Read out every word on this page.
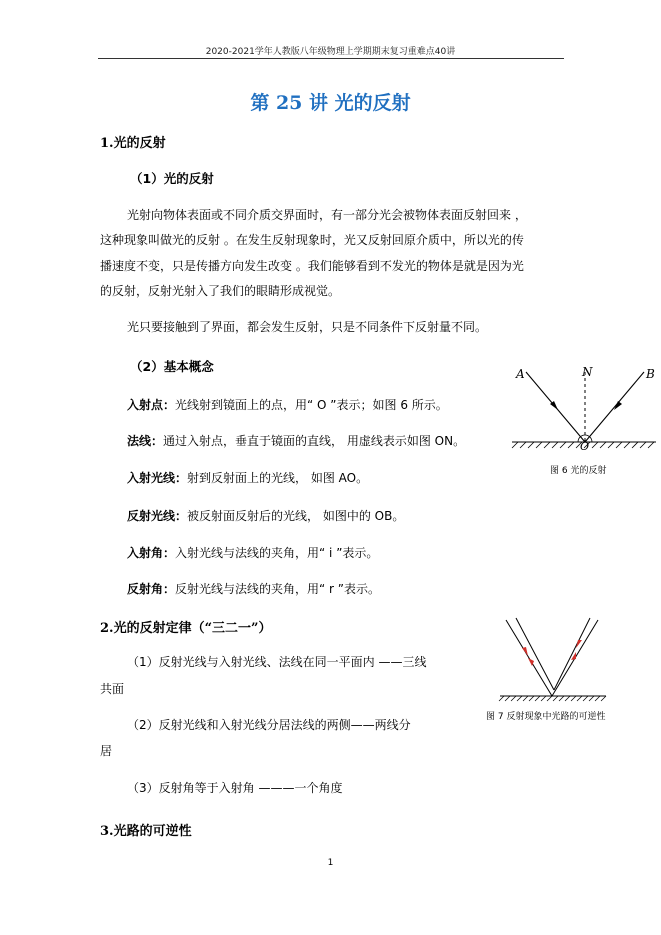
2020-2021学年人教版八年级物理上学期期末复习重难点40讲
第 25 讲 光的反射
1.光的反射
（1）光的反射
光射向物体表面或不同介质交界面时，有一部分光会被物体表面反射回来 ，
这种现象叫做光的反射 。在发生反射现象时，光又反射回原介质中，所以光的传
播速度不变，只是传播方向发生改变 。我们能够看到不发光的物体是就是因为光
的反射，反射光射入了我们的眼睛形成视觉。
光只要接触到了界面，都会发生反射，只是不同条件下反射量不同。
（2）基本概念
入射点：光线射到镜面上的点，用“ O ”表示；如图 6 所示。
法线：通过入射点，垂直于镜面的直线， 用虚线表示如图 ON。
入射光线：射到反射面上的光线， 如图 AO。
反射光线：被反射面反射后的光线， 如图中的 OB。
入射角：入射光线与法线的夹角，用“ i ”表示。
反射角：反射光线与法线的夹角，用“ r ”表示。
2.光的反射定律（“三二一”）
（1）反射光线与入射光线、法线在同一平面内 ——三线
共面
（2）反射光线和入射光线分居法线的两侧——两线分
居
（3）反射角等于入射角 ———一个角度
3.光路的可逆性
A	N	B
O
图 6 光的反射
图 7 反射现象中光路的可逆性
1
